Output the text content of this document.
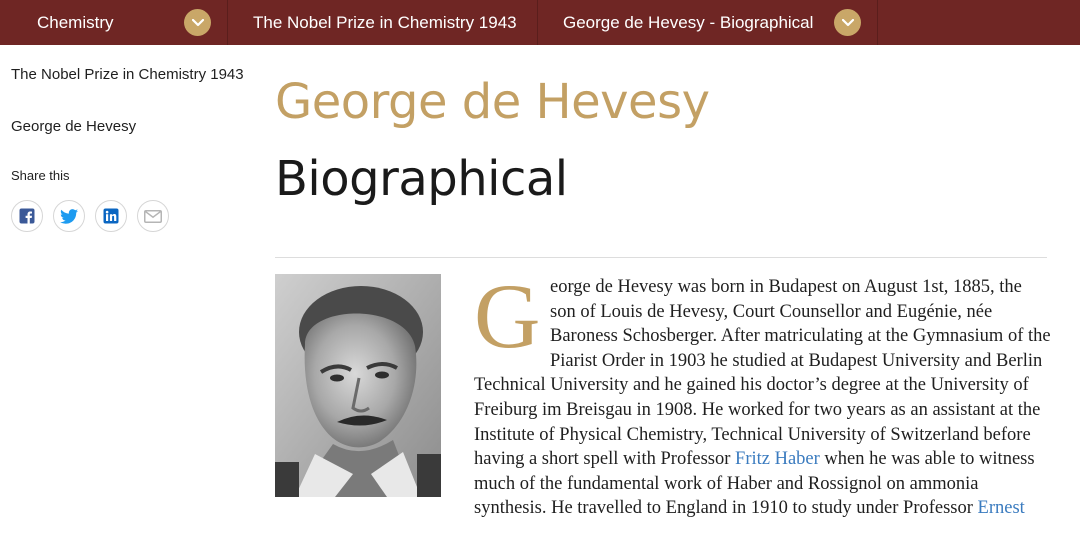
Chemistry	The Nobel Prize in Chemistry 1943	George de Hevesy - Biographical
The Nobel Prize in Chemistry 1943
George de Hevesy
Share this
George de Hevesy
Biographical
George de Hevesy was born in Budapest on August 1st, 1885, the son of Louis de Hevesy, Court Counsellor and Eugénie, née Baroness Schosberger. After matriculating at the Gymnasium of the Piarist Order in 1903 he studied at Budapest University and Berlin Technical University and he gained his doctor’s degree at the University of Freiburg im Breisgau in 1908. He worked for two years as an assistant at the Institute of Physical Chemistry, Technical University of Switzerland before having a short spell with Professor Fritz Haber when he was able to witness much of the fundamental work of Haber and Rossignol on ammonia synthesis. He travelled to England in 1910 to study under Professor Ernest
